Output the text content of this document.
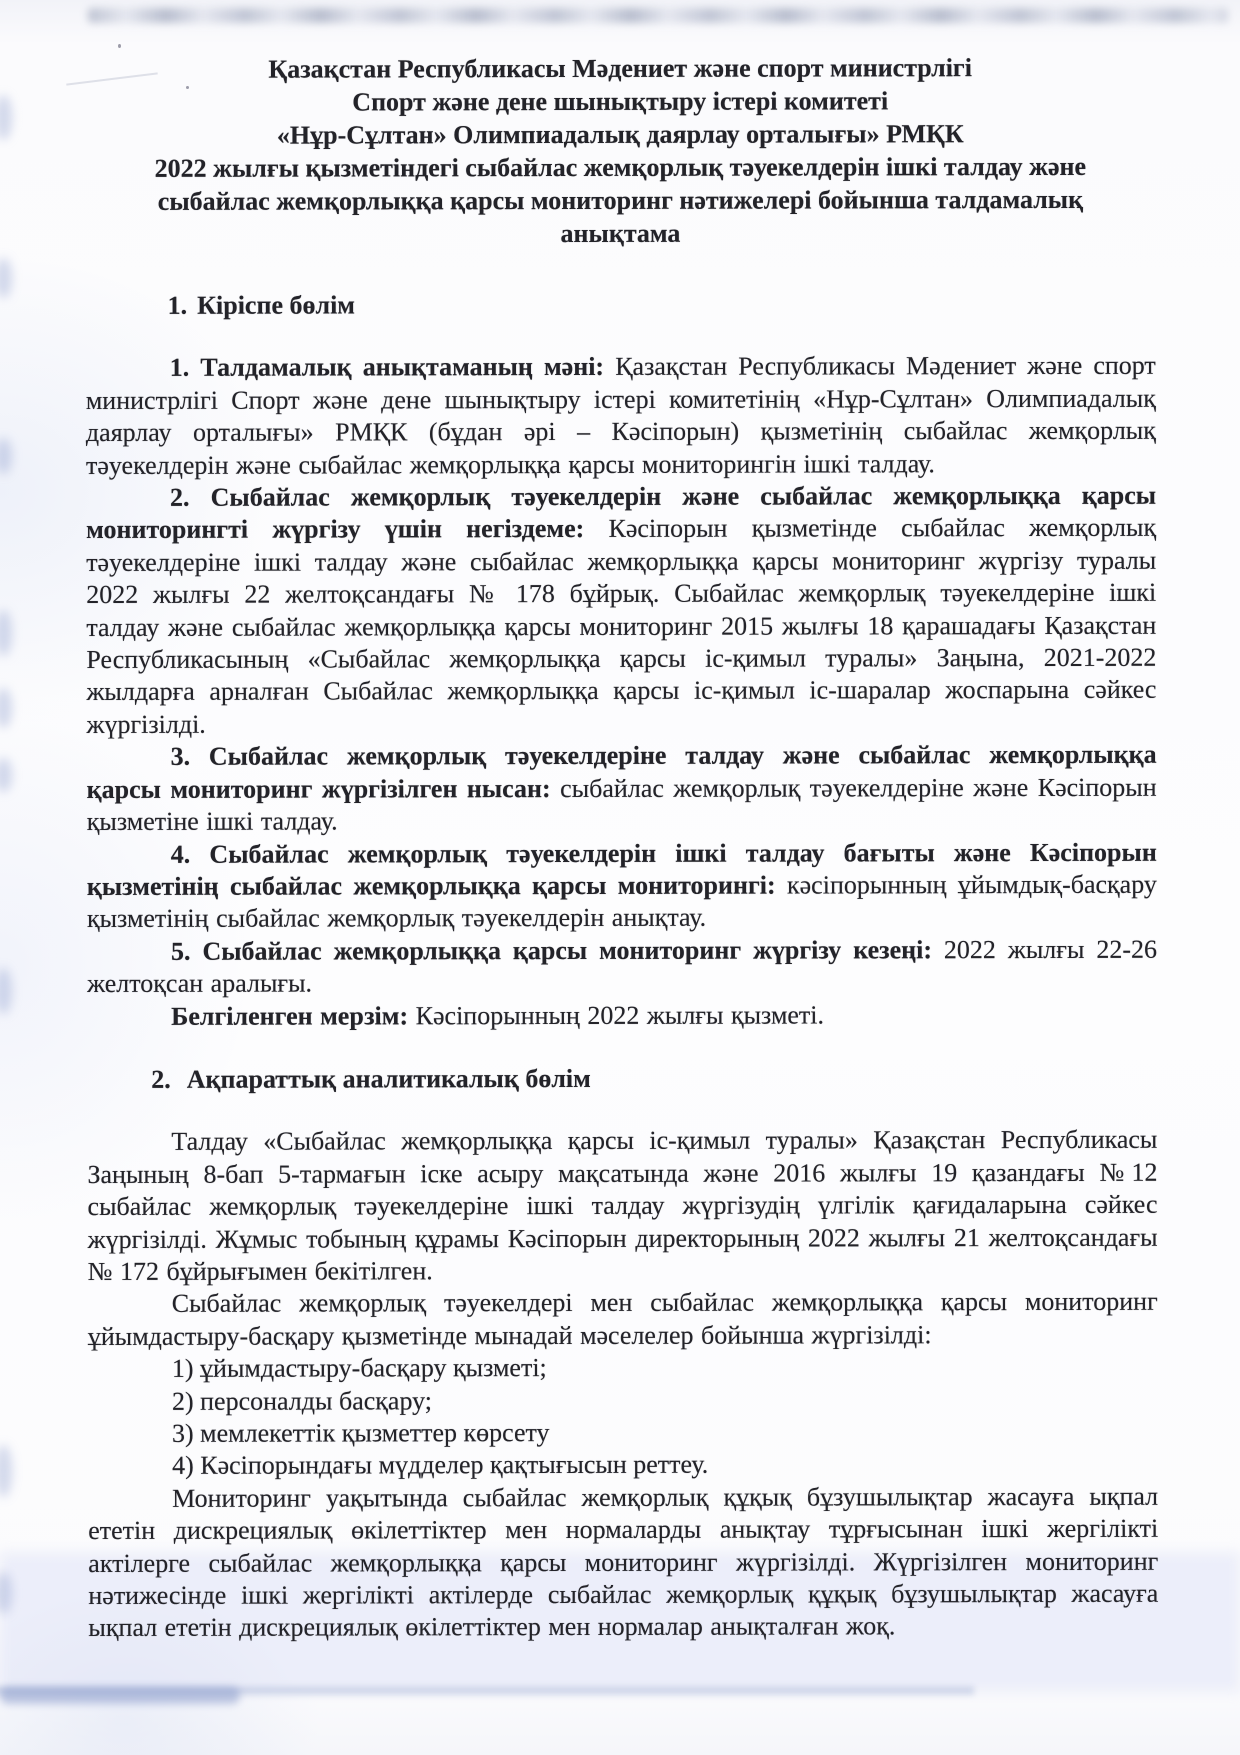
Қазақстан Республикасы Мәдениет және спорт министрлігі
Спорт және дене шынықтыру істері комитеті
«Нұр-Сұлтан» Олимпиадалық даярлау орталығы» РМҚК
2022 жылғы қызметіндегі сыбайлас жемқорлық тәуекелдерін ішкі талдау және
сыбайлас жемқорлыққа қарсы мониторинг нәтижелері бойынша талдамалық
анықтама
1. Кіріспе бөлім

1. Талдамалық анықтаманың мәні: Қазақстан Республикасы Мәдениет және спорт министрлігі Спорт және дене шынықтыру істері комитетінің «Нұр-Сұлтан» Олимпиадалық даярлау орталығы» РМҚК (бұдан әрі – Кәсіпорын) қызметінің сыбайлас жемқорлық тәуекелдерін және сыбайлас жемқорлыққа қарсы мониторингін ішкі талдау.

2. Сыбайлас жемқорлық тәуекелдерін және сыбайлас жемқорлыққа қарсы мониторингті жүргізу үшін негіздеме: Кәсіпорын қызметінде сыбайлас жемқорлық тәуекелдеріне ішкі талдау және сыбайлас жемқорлыққа қарсы мониторинг жүргізу туралы 2022 жылғы 22 желтоқсандағы № 178 бұйрық. Сыбайлас жемқорлық тәуекелдеріне ішкі талдау және сыбайлас жемқорлыққа қарсы мониторинг 2015 жылғы 18 қарашадағы Қазақстан Республикасының «Сыбайлас жемқорлыққа қарсы іс-қимыл туралы» Заңына, 2021-2022 жылдарға арналған Сыбайлас жемқорлыққа қарсы іс-қимыл іс-шаралар жоспарына сәйкес жүргізілді.

3. Сыбайлас жемқорлық тәуекелдеріне талдау және сыбайлас жемқорлыққа қарсы мониторинг жүргізілген нысан: сыбайлас жемқорлық тәуекелдеріне және Кәсіпорын қызметіне ішкі талдау.

4. Сыбайлас жемқорлық тәуекелдерін ішкі талдау бағыты және Кәсіпорын қызметінің сыбайлас жемқорлыққа қарсы мониторингі: кәсіпорынның ұйымдық-басқару қызметінің сыбайлас жемқорлық тәуекелдерін анықтау.

5. Сыбайлас жемқорлыққа қарсы мониторинг жүргізу кезеңі: 2022 жылғы 22-26 желтоқсан аралығы.

Белгіленген мерзім: Кәсіпорынның 2022 жылғы қызметі.

2. Ақпараттық аналитикалық бөлім

Талдау «Сыбайлас жемқорлыққа қарсы іс-қимыл туралы» Қазақстан Республикасы Заңының 8-бап 5-тармағын іске асыру мақсатында және 2016 жылғы 19 қазандағы №12 сыбайлас жемқорлық тәуекелдеріне ішкі талдау жүргізудің үлгілік қағидаларына сәйкес жүргізілді. Жұмыс тобының құрамы Кәсіпорын директорының 2022 жылғы 21 желтоқсандағы № 172 бұйрығымен бекітілген.

Сыбайлас жемқорлық тәуекелдері мен сыбайлас жемқорлыққа қарсы мониторинг ұйымдастыру-басқару қызметінде мынадай мәселелер бойынша жүргізілді:

1) ұйымдастыру-басқару қызметі;
2) персоналды басқару;
3) мемлекеттік қызметтер көрсету
4) Кәсіпорындағы мүдделер қақтығысын реттеу.

Мониторинг уақытында сыбайлас жемқорлық құқық бұзушылықтар жасауға ықпал ететін дискрециялық өкілеттіктер мен нормаларды анықтау тұрғысынан ішкі жергілікті актілерге сыбайлас жемқорлыққа қарсы мониторинг жүргізілді. Жүргізілген мониторинг нәтижесінде ішкі жергілікті актілерде сыбайлас жемқорлық құқық бұзушылықтар жасауға ықпал ететін дискрециялық өкілеттіктер мен нормалар анықталған жоқ.
